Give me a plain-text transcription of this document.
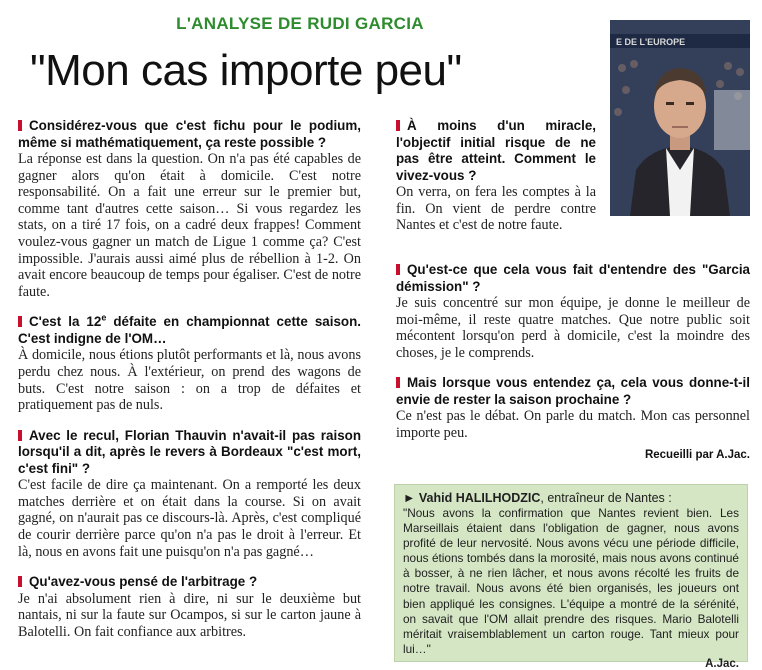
L'ANALYSE DE RUDI GARCIA
"Mon cas importe peu"
E DE L'EUROPE

Considérez-vous que c'est fichu pour le podium, même si mathématiquement, ça reste possible ?

La réponse est dans la question. On n'a pas été capables de gagner alors qu'on était à domicile. C'est notre responsabilité. On a fait une erreur sur le premier but, comme tant d'autres cette saison… Si vous regardez les stats, on a tiré 17 fois, on a cadré deux frappes! Comment voulez-vous gagner un match de Ligue 1 comme ça? C'est impossible. J'aurais aussi aimé plus de rébellion à 1-2. On avait encore beaucoup de temps pour égaliser. C'est de notre faute.

C'est la 12e défaite en championnat cette saison. C'est indigne de l'OM…

À domicile, nous étions plutôt performants et là, nous avons perdu chez nous. À l'extérieur, on prend des wagons de buts. C'est notre saison : on a trop de défaites et pratiquement pas de nuls.

Avec le recul, Florian Thauvin n'avait-il pas raison lorsqu'il a dit, après le revers à Bordeaux "c'est mort, c'est fini" ?

C'est facile de dire ça maintenant. On a remporté les deux matches derrière et on était dans la course. Si on avait gagné, on n'aurait pas ce discours-là. Après, c'est compliqué de courir derrière parce qu'on n'a pas le droit à l'erreur. Et là, nous en avons fait une puisqu'on n'a pas gagné…

Qu'avez-vous pensé de l'arbitrage ?

Je n'ai absolument rien à dire, ni sur le deuxième but nantais, ni sur la faute sur Ocampos, si sur le carton jaune à Balotelli. On fait confiance aux arbitres.

À moins d'un miracle, l'objectif initial risque de ne pas être atteint. Comment le vivez-vous ?

On verra, on fera les comptes à la fin. On vient de perdre contre Nantes et c'est de notre faute.

Qu'est-ce que cela vous fait d'entendre des "Garcia démission" ?

Je suis concentré sur mon équipe, je donne le meilleur de moi-même, il reste quatre matches. Que notre public soit mécontent lorsqu'on perd à domicile, c'est la moindre des choses, je le comprends.

Mais lorsque vous entendez ça, cela vous donne-t-il envie de rester la saison prochaine ?

Ce n'est pas le débat. On parle du match. Mon cas personnel importe peu.

Recueilli par A.Jac.

► Vahid HALILHODZIC, entraîneur de Nantes :

"Nous avons la confirmation que Nantes revient bien. Les Marseillais étaient dans l'obligation de gagner, nous avons profité de leur nervosité. Nous avons vécu une période difficile, nous étions tombés dans la morosité, mais nous avons continué à bosser, à ne rien lâcher, et nous avons récolté les fruits de notre travail. Nous avons été bien organisés, les joueurs ont bien appliqué les consignes. L'équipe a montré de la sérénité, on savait que l'OM allait prendre des risques. Mario Balotelli méritait vraisemblablement un carton rouge. Tant mieux pour lui…"

A.Jac.
